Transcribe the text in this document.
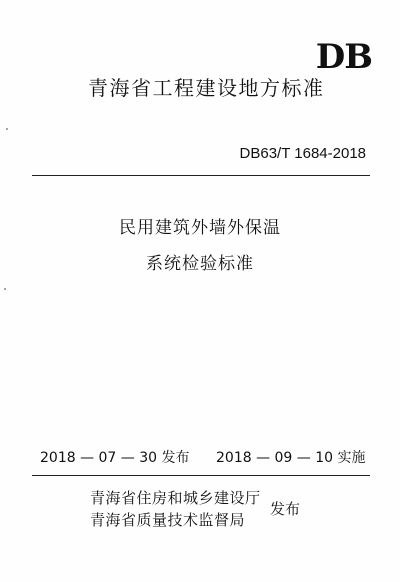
DB
青海省工程建设地方标准
DB63/T 1684-2018
民用建筑外墙外保温
系统检验标准
2018 — 07 — 30 发布 2018 — 09 — 10 实施
青海省住房和城乡建设厅
青海省质量技术监督局
发布
